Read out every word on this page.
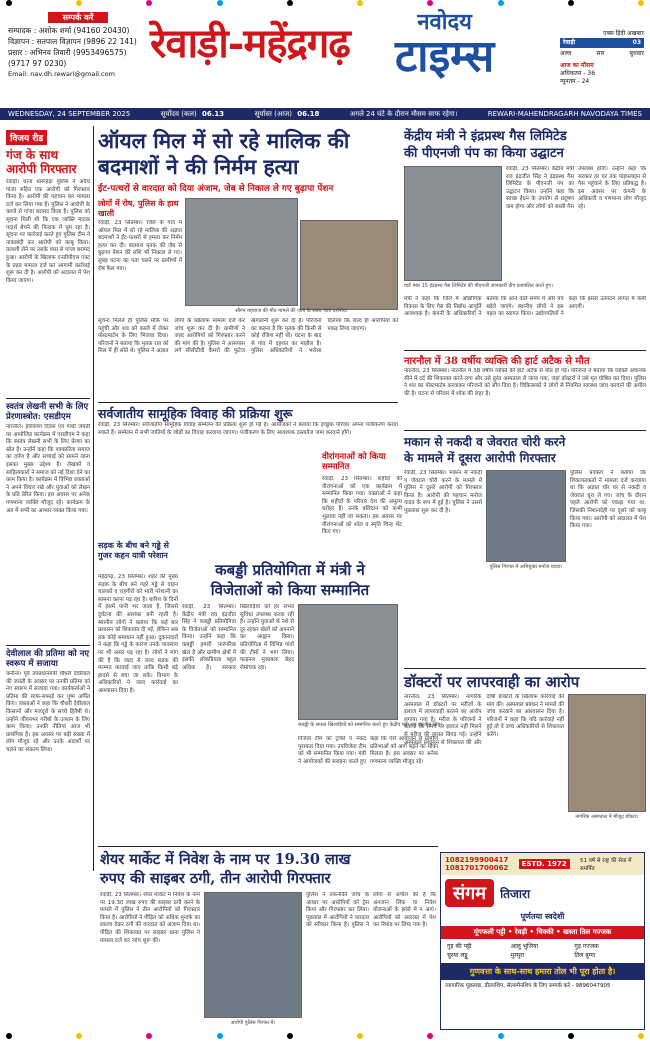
सम्पर्क करें
सम्पादक : अशोक शर्मा (94160 20430)
विज्ञापन : सतपाल विज्ञापन (9896 22 141)
प्रसार : अभिनव तिवारी (9953496575)
(9717 97 0230)
Email: nav.dh.rewari@gmail.com
रेवाड़ी-महेंद्रगढ़	नवोदय
टाइम्स	एक्स हिंदी अखबार
रेवाड़ी	03
अल्ल	सार	बुधवार
आज का मौसम
अधिकतम - 36
न्यूनतम - 24
WEDNESDAY, 24 SEPTEMBER 2025	सूर्योदय (कल) 06.13	सूर्यास्त (आज) 06.18	अगले 24 घंटे के दौरान मौसम साफ रहेगा।	REWARI-MAHENDRAGARH NAVODAYA TIMES
विजय रीड
गंज के साथ आरोपी गिरफ्तार

रेवाड़ी। थाना धारूहेड़ा पुलिस ने अवैध गांजा सहित एक आरोपी को गिरफ्तार किया है। आरोपी की पहचान कर मामला दर्ज कर लिया गया है। पुलिस ने आरोपी के कब्जे से गांजा बरामद किया है। पुलिस को सूचना मिली थी कि एक व्यक्ति मादक पदार्थ बेचने की फिराक में घूम रहा है। सूचना पर कार्रवाई करते हुए पुलिस टीम ने नाकाबंदी कर आरोपी को काबू किया। तलाशी लेने पर उसके पास से गांजा बरामद हुआ। आरोपी के खिलाफ एनडीपीएस एक्ट के तहत मामला दर्ज कर आगामी कार्रवाई शुरू कर दी है। आरोपी को अदालत में पेश किया जाएगा।

स्वतंत्र लेखनी सभी के लिए प्रेरणास्त्रोत: एसडीएम

नारनौल। हरियाणा दिवस एवं गांधी जयंती पर आयोजित कार्यक्रम में एसडीएम ने कहा कि स्वतंत्र लेखनी सभी के लिए प्रेरणा का स्रोत है। उन्होंने कहा कि पत्रकारिता समाज का दर्पण है और सच्चाई को सामने लाना इसका मुख्य उद्देश्य है। लेखकों व साहित्यकारों ने समाज को नई दिशा देने का काम किया है। कार्यक्रम में विभिन्न वक्ताओं ने अपने विचार रखे और युवाओं को लेखन के प्रति प्रेरित किया। इस अवसर पर अनेक गणमान्य व्यक्ति मौजूद रहे। कार्यक्रम के अंत में सभी का आभार व्यक्त किया गया।

देवीलाल की प्रतिमा को नए स्वरूप में सजाया

कनीना। पूर्व उपप्रधानमंत्री चौधरी देवीलाल की जयंती के अवसर पर उनकी प्रतिमा को नए स्वरूप में सजाया गया। कार्यकर्ताओं ने प्रतिमा की साफ-सफाई कर पुष्प अर्पित किए। वक्ताओं ने कहा कि चौधरी देवीलाल किसानों और मजदूरों के सच्चे हितैषी थे। उन्होंने जीवनभर गरीबों के उत्थान के लिए काम किया। उनकी नीतियां आज भी प्रासंगिक हैं। इस अवसर पर बड़ी संख्या में लोग मौजूद रहे और उनके आदर्शों पर चलने का संकल्प लिया।

ऑयल मिल में सो रहे मालिक की बदमाशों ने की निर्मम हत्या
ईंट-पत्थरों से वारदात को दिया अंजाम, जेब से निकाल ले गए बुढ़ापा पेंशन
लोगों में रोष, पुलिस के हाथ खाली

रेवाड़ी, 23 सितम्बर। जिले के गांव में ऑयल मिल में सो रहे मालिक की अज्ञात बदमाशों ने ईंट-पत्थरों से हमला कर निर्मम हत्या कर दी। बदमाश मृतक की जेब से बुढ़ापा पेंशन की राशि भी निकाल ले गए। सुबह घटना का पता चलने पर ग्रामीणों में रोष फैल गया।

सौरभ महाराज की मौत मामले की जांच के संबंध जाय दर्शनीय।

सूचना मिलते ही पुलिस मौके पर पहुंची और शव को कब्जे में लेकर पोस्टमार्टम के लिए भिजवा दिया। परिजनों ने बताया कि मृतक रात को मिल में ही सोते थे। पुलिस ने अज्ञात लोगों के खिलाफ मामला दर्ज कर जांच शुरू कर दी है। ग्रामीणों ने जल्द आरोपियों को गिरफ्तार करने की मांग की है। पुलिस ने आसपास लगे सीसीटीवी कैमरों की फुटेज खंगालनी शुरू कर दी है। परिजनों का कहना है कि मृतक की किसी से कोई रंजिश नहीं थी। घटना के बाद से गांव में दहशत का माहौल है। पुलिस अधिकारियों ने भरोसा दिलाया कि जल्द ही आरोपियों को पकड़ लिया जाएगा।

केंद्रीय मंत्री ने इंद्रप्रस्थ गैस लिमिटेड
की पीएनजी पंप का किया उद्घाटन

रेवाड़ी, 23 सितम्बर। केंद्रीय मंत्री राव इंद्रजीत सिंह ने इंद्रप्रस्थ गैस लिमिटेड के पीएनजी पंप का उद्घाटन किया। उन्होंने कहा कि स्वच्छ ईंधन के उपयोग से प्रदूषण कम होगा और लोगों को सस्ती गैस उपलब्ध होगी। उन्होंने कहा कि सरकार हर घर तक पाइपलाइन से गैस पहुंचाने के लिए प्रतिबद्ध है। इस अवसर पर कंपनी के अधिकारी व गणमान्य लोग मौजूद रहे।

वार्ड नंबर 15 इंद्रप्रस्थ गैस लिमिटेड की पीएनजी जानकारी दीप प्रजवलित करते हुए।

मंत्री ने कहा कि जिले में औद्योगिक विकास के लिए गैस की निर्बाध आपूर्ति आवश्यक है। कंपनी के अधिकारियों ने बताया कि आने वाले समय में और पंप खोले जाएंगे। स्थानीय लोगों ने इस पहल का स्वागत किया। उद्योगपतियों ने कहा कि इससे उत्पादन लागत में कमी आएगी।

नारनौल में 38 वर्षीय व्यक्ति की हार्ट अटैक से मौत

नारनौल, 23 सितम्बर। नारनौल में 38 वर्षीय व्यक्ति की हार्ट अटैक से मौत हो गई। परिजनों ने बताया कि व्यक्ति अचानक सीने में दर्द की शिकायत करने लगा और उसे तुरंत अस्पताल ले जाया गया, जहां डॉक्टरों ने उसे मृत घोषित कर दिया। पुलिस ने शव का पोस्टमार्टम करवाकर परिजनों को सौंप दिया है। चिकित्सकों ने लोगों से नियमित स्वास्थ्य जांच करवाने की अपील की है। घटना से परिवार में शोक की लहर है।

मकान से नकदी व जेवरात चोरी करने
के मामले में दूसरा आरोपी गिरफ्तार

रेवाड़ी, 23 सितम्बर। मकान से नकदी व जेवरात चोरी करने के मामले में पुलिस ने दूसरे आरोपी को गिरफ्तार किया है। आरोपी की पहचान मनोज यादव के रूप में हुई है। पुलिस ने उससे पूछताछ शुरू कर दी है।

पुलिस गिरफ्त में अभियुक्त मनोज यादव।

पुलिस प्रवक्ता ने बताया कि शिकायतकर्ता ने मामला दर्ज करवाया था कि अज्ञात चोर घर से नकदी व जेवरात चुरा ले गए। जांच के दौरान पहले आरोपी को पकड़ा गया था, जिसकी निशानदेही पर दूसरे को काबू किया गया। आरोपी को अदालत में पेश किया गया।

सर्वजातीय सामूहिक विवाह की प्रक्रिया शुरू

रेवाड़ी, 23 सितम्बर। सर्वजातीय सामूहिक विवाह सम्मेलन की प्रक्रिया शुरू हो गई है। आयोजकों ने बताया कि इच्छुक परिवार अपना पंजीकरण करवा सकते हैं। सम्मेलन में सभी जातियों के जोड़ों का विवाह करवाया जाएगा। पंजीकरण के लिए आवश्यक दस्तावेज जमा करवाने होंगे।

वीरांगनाओं को किया सम्मानित

रेवाड़ी, 23 सितम्बर। शहीदों की वीरांगनाओं को एक कार्यक्रम में सम्मानित किया गया। वक्ताओं ने कहा कि शहीदों के परिवार देश की अमूल्य धरोहर हैं। उनके बलिदान को कभी भुलाया नहीं जा सकता। इस अवसर पर वीरांगनाओं को शॉल व स्मृति चिन्ह भेंट किए गए।

सड़क के बीच बने गड्ढे से गुजर कहन यात्री परेशान

महेंद्रगढ़, 23 सितम्बर। शहर की मुख्य सड़क के बीच बने गहरे गड्ढे से वाहन चालकों व राहगीरों को भारी परेशानी का सामना करना पड़ रहा है। बारिश के दिनों में इसमें पानी भर जाता है, जिससे दुर्घटना की आशंका बनी रहती है। स्थानीय लोगों ने बताया कि कई बार प्रशासन को शिकायत दी गई, लेकिन अब तक कोई समाधान नहीं हुआ। दुकानदारों ने कहा कि गड्ढे के कारण उनके व्यवसाय पर भी असर पड़ रहा है। लोगों ने मांग की है कि जल्द से जल्द सड़क की मरम्मत करवाई जाए ताकि किसी बड़े हादसे से बचा जा सके। विभाग के अधिकारियों ने जल्द कार्रवाई का आश्वासन दिया है।

कबड्डी प्रतियोगिता में मंत्री ने
विजेताओं को किया सम्मानित

रेवाड़ी, 23 सितम्बर। केंद्रीय मंत्री राव इंद्रजीत सिंह ने कबड्डी प्रतियोगिता के विजेताओं को सम्मानित किया। उन्होंने कहा कि कबड्डी हमारी पारंपरिक खेल है और ग्रामीण क्षेत्रों में इसकी लोकप्रियता बहुत अधिक है। सरकार खिलाड़ियों को हर संभव सुविधा उपलब्ध करवा रही है। उन्होंने युवाओं से नशे से दूर रहकर खेलों को अपनाने का आह्वान किया। प्रतियोगिता में विभिन्न गांवों की टीमों ने भाग लिया। फाइनल मुकाबला बेहद रोमांचक रहा।

कबड्डी के सफल खिलाड़ियों को सम्मानित करते हुए केंद्रीय मंत्री राव इंद्रजीत सिंह।

विजेता टीम को ट्रॉफी व नकद पुरस्कार दिया गया। उपविजेता टीम को भी सम्मानित किया गया। मंत्री ने आयोजकों की सराहना करते हुए कहा कि ऐसे आयोजन से ग्रामीण प्रतिभाओं को आगे बढ़ने का मौका मिलता है। इस अवसर पर अनेक गणमान्य व्यक्ति मौजूद रहे।

डॉक्टरों पर लापरवाही का आरोप

नारनौल, 23 सितम्बर। नागरिक अस्पताल में डॉक्टरों पर मरीजों के इलाज में लापरवाही बरतने का आरोप लगाया गया है। मरीज के परिजनों ने बताया कि समय पर इलाज नहीं मिलने से मरीज की हालत बिगड़ गई। उन्होंने अस्पताल प्रशासन से शिकायत की और दोषी डॉक्टरों के खिलाफ कार्रवाई की मांग की। अस्पताल प्रबंधन ने मामले की जांच करवाने का आश्वासन दिया है। परिजनों ने कहा कि यदि कार्रवाई नहीं हुई तो वे उच्च अधिकारियों से शिकायत करेंगे।

नागरिक अस्पताल में मौजूद डॉक्टर।
शेयर मार्केट में निवेश के नाम पर 19.30 लाख
रुपए की साइबर ठगी, तीन आरोपी गिरफ्तार

रेवाड़ी, 23 सितम्बर। शेयर मार्केट में निवेश के नाम पर 19.30 लाख रुपए की साइबर ठगी करने के मामले में पुलिस ने तीन आरोपियों को गिरफ्तार किया है। आरोपियों ने पीड़ित को अधिक मुनाफे का लालच देकर ठगी की वारदात को अंजाम दिया था। पीड़ित की शिकायत पर साइबर थाना पुलिस ने मामला दर्ज कर जांच शुरू की।

आरोपी पुलिस गिरफ्त में।

पुलिस ने तकनीकी जांच के आधार पर आरोपियों को ट्रेस किया और गिरफ्तार कर लिया। पूछताछ में आरोपियों ने वारदात को स्वीकार किया है। पुलिस ने लोगों से अपील की है कि अनजान लिंक या निवेश योजनाओं के झांसे में न आएं। आरोपियों को अदालत में पेश कर रिमांड पर लिया गया है।

1082199900417
1081701700062	ESTD. 1972	51 वर्ष से राष्ट्र की सेवा में समर्पित
संगम	तिजारा
पूर्णतया स्वदेशी
मूंगफली पट्टी • रेवड़ी • चिक्की • खस्ता तिल गज्जक
गुड़ की पट्टी	आलू भुजिया	गुड़ गज्जक
चुरमा लड्डू	मुरमुरा	तिल बुग्गा
गुणवत्ता के साथ-साथ हमारा तोल भी पूरा होता है।
व्यापारिक पूछताछ, डीलरशिप, सेल्समैनशिप के लिए सम्पर्क करें - 9896047905
